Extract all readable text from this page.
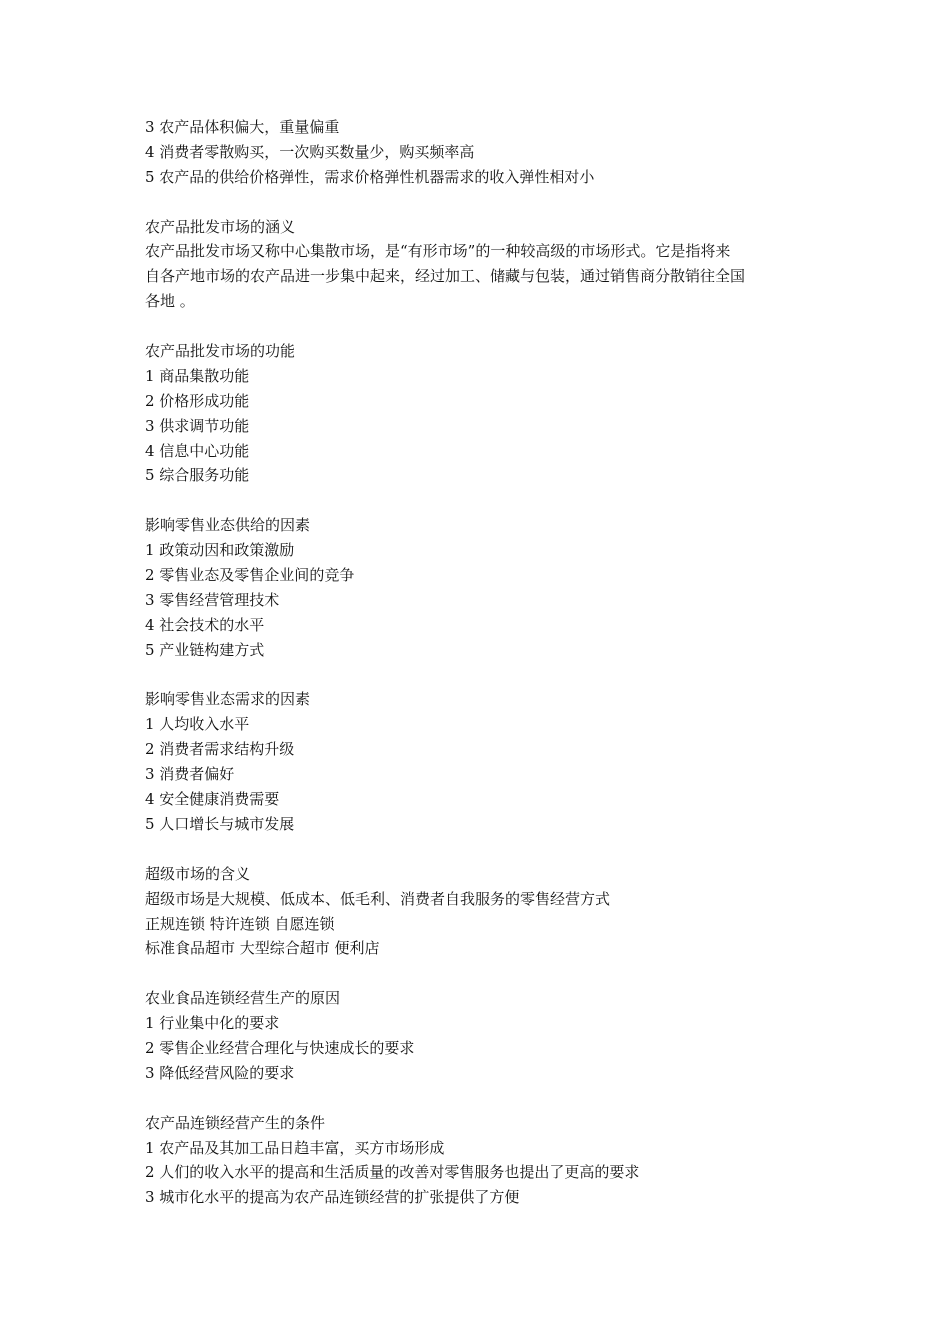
3 农产品体积偏大，重量偏重
4 消费者零散购买，一次购买数量少，购买频率高
5 农产品的供给价格弹性，需求价格弹性机器需求的收入弹性相对小
农产品批发市场的涵义
农产品批发市场又称中心集散市场，是“有形市场”的一种较高级的市场形式。它是指将来
自各产地市场的农产品进一步集中起来，经过加工、储藏与包装，通过销售商分散销往全国
各地 。
农产品批发市场的功能
1 商品集散功能
2 价格形成功能
3 供求调节功能
4 信息中心功能
5 综合服务功能
影响零售业态供给的因素
1 政策动因和政策激励
2 零售业态及零售企业间的竞争
3 零售经营管理技术
4 社会技术的水平
5 产业链构建方式
影响零售业态需求的因素
1 人均收入水平
2 消费者需求结构升级
3 消费者偏好
4 安全健康消费需要
5 人口增长与城市发展
超级市场的含义
超级市场是大规模、低成本、低毛利、消费者自我服务的零售经营方式
正规连锁 特许连锁 自愿连锁
标准食品超市 大型综合超市 便利店
农业食品连锁经营生产的原因
1 行业集中化的要求
2 零售企业经营合理化与快速成长的要求
3 降低经营风险的要求
农产品连锁经营产生的条件
1 农产品及其加工品日趋丰富，买方市场形成
2 人们的收入水平的提高和生活质量的改善对零售服务也提出了更高的要求
3 城市化水平的提高为农产品连锁经营的扩张提供了方便
